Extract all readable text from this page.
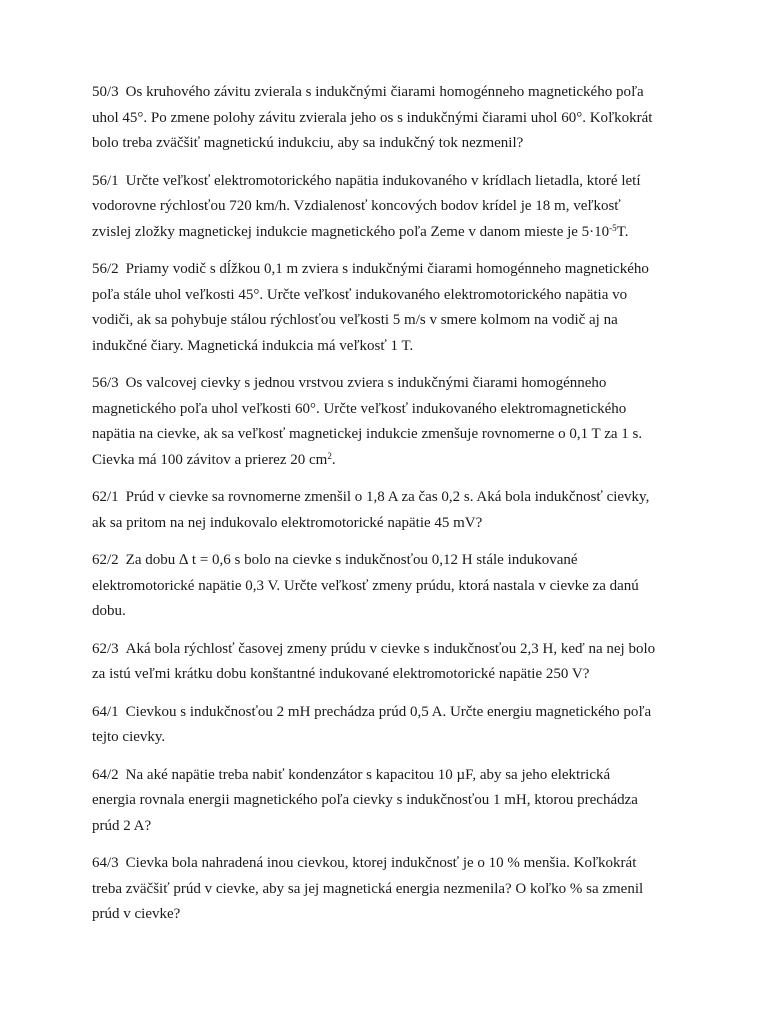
50/3 Os kruhového závitu zvierala s indukčnými čiarami homogénneho magnetického poľa
uhol 45°. Po zmene polohy závitu zvierala jeho os s indukčnými čiarami uhol 60°. Koľkokrát
bolo treba zväčšiť magnetickú indukciu, aby sa indukčný tok nezmenil?
56/1 Určte veľkosť elektromotorického napätia indukovaného v krídlach lietadla, ktoré letí
vodorovne rýchlosťou 720 km/h. Vzdialenosť koncových bodov krídel je 18 m, veľkosť
zvislej zložky magnetickej indukcie magnetického poľa Zeme v danom mieste je $5\cdot 10^{-5}T$.
56/2 Priamy vodič s dĺžkou 0,1 m zviera s indukčnými čiarami homogénneho magnetického
poľa stále uhol veľkosti 45°. Určte veľkosť indukovaného elektromotorického napätia vo
vodiči, ak sa pohybuje stálou rýchlosťou veľkosti 5 m/s v smere kolmom na vodič aj na
indukčné čiary. Magnetická indukcia má veľkosť 1 T.
56/3 Os valcovej cievky s jednou vrstvou zviera s indukčnými čiarami homogénneho
magnetického poľa uhol veľkosti 60°. Určte veľkosť indukovaného elektromagnetického
napätia na cievke, ak sa veľkosť magnetickej indukcie zmenšuje rovnomerne o 0,1 T za 1 s.
Cievka má 100 závitov a prierez 20 $cm^2$.
62/1 Prúd v cievke sa rovnomerne zmenšil o 1,8 A za čas 0,2 s. Aká bola indukčnosť cievky,
ak sa pritom na nej indukovalo elektromotorické napätie 45 mV?
62/2 Za dobu ∆ t = 0,6 s bolo na cievke s indukčnosťou 0,12 H stále indukované
elektromotorické napätie 0,3 V. Určte veľkosť zmeny prúdu, ktorá nastala v cievke za danú
dobu.
62/3 Aká bola rýchlosť časovej zmeny prúdu v cievke s indukčnosťou 2,3 H, keď na nej bolo
za istú veľmi krátku dobu konštantné indukované elektromotorické napätie 250 V?
64/1 Cievkou s indukčnosťou 2 mH prechádza prúd 0,5 A. Určte energiu magnetického poľa
tejto cievky.
64/2 Na aké napätie treba nabiť kondenzátor s kapacitou 10 µF, aby sa jeho elektrická
energia rovnala energii magnetického poľa cievky s indukčnosťou 1 mH, ktorou prechádza
prúd 2 A?
64/3 Cievka bola nahradená inou cievkou, ktorej indukčnosť je o 10 % menšia. Koľkokrát
treba zväčšiť prúd v cievke, aby sa jej magnetická energia nezmenila? O koľko % sa zmenil
prúd v cievke?
